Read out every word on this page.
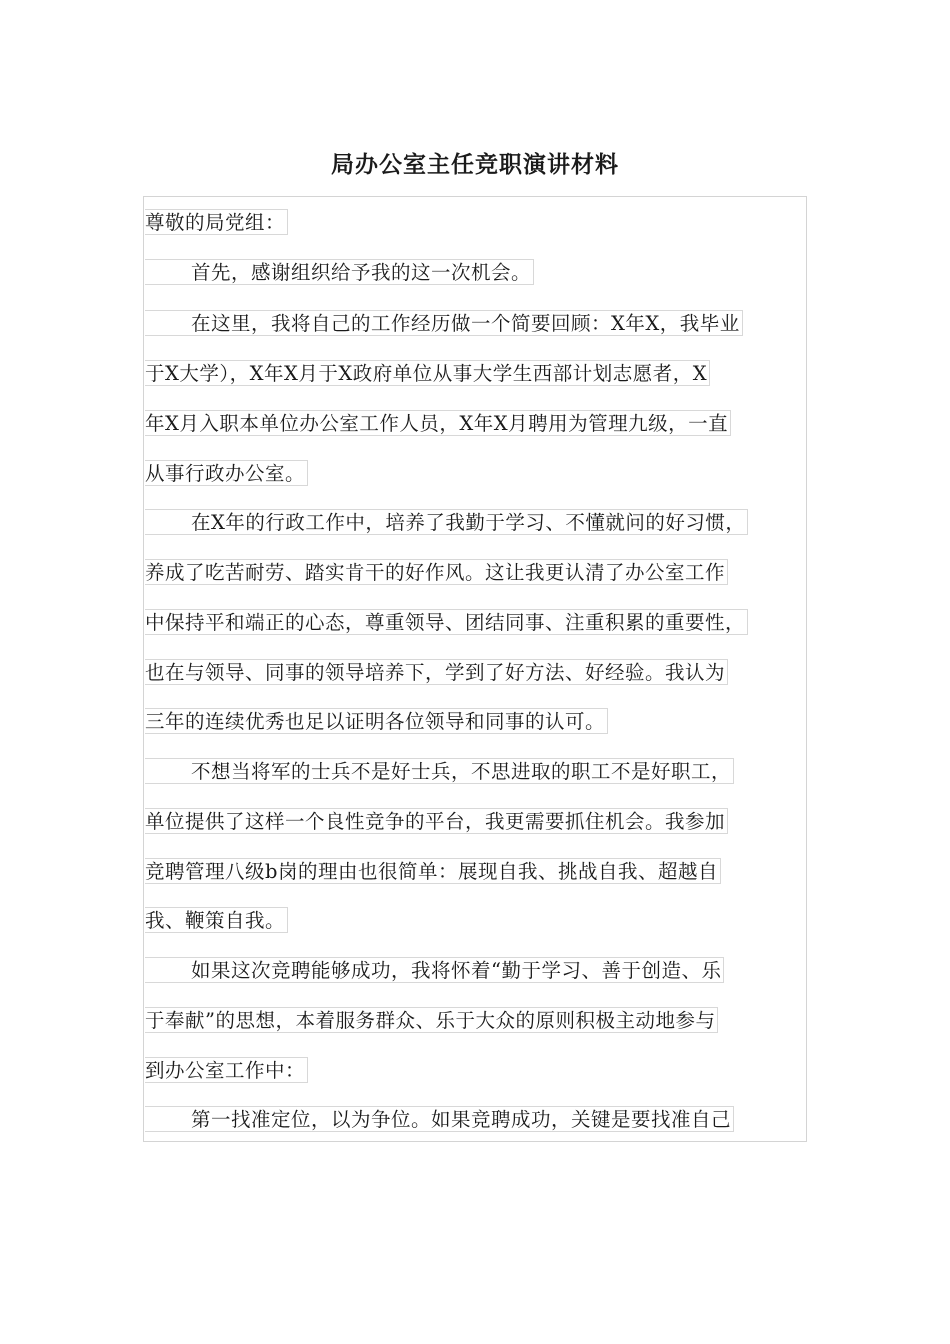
局办公室主任竞职演讲材料
尊敬的局党组：
首先，感谢组织给予我的这一次机会。
在这里，我将自己的工作经历做一个简要回顾：X年X，我毕业
于X大学），X年X月于X政府单位从事大学生西部计划志愿者，X
年X月入职本单位办公室工作人员，X年X月聘用为管理九级，一直
从事行政办公室。
在X年的行政工作中，培养了我勤于学习、不懂就问的好习惯，
养成了吃苦耐劳、踏实肯干的好作风。这让我更认清了办公室工作
中保持平和端正的心态，尊重领导、团结同事、注重积累的重要性，
也在与领导、同事的领导培养下，学到了好方法、好经验。我认为
三年的连续优秀也足以证明各位领导和同事的认可。
不想当将军的士兵不是好士兵，不思进取的职工不是好职工，
单位提供了这样一个良性竞争的平台，我更需要抓住机会。我参加
竞聘管理八级b岗的理由也很简单：展现自我、挑战自我、超越自
我、鞭策自我。
如果这次竞聘能够成功，我将怀着“勤于学习、善于创造、乐
于奉献”的思想，本着服务群众、乐于大众的原则积极主动地参与
到办公室工作中：
第一找准定位，以为争位。如果竞聘成功，关键是要找准自己
